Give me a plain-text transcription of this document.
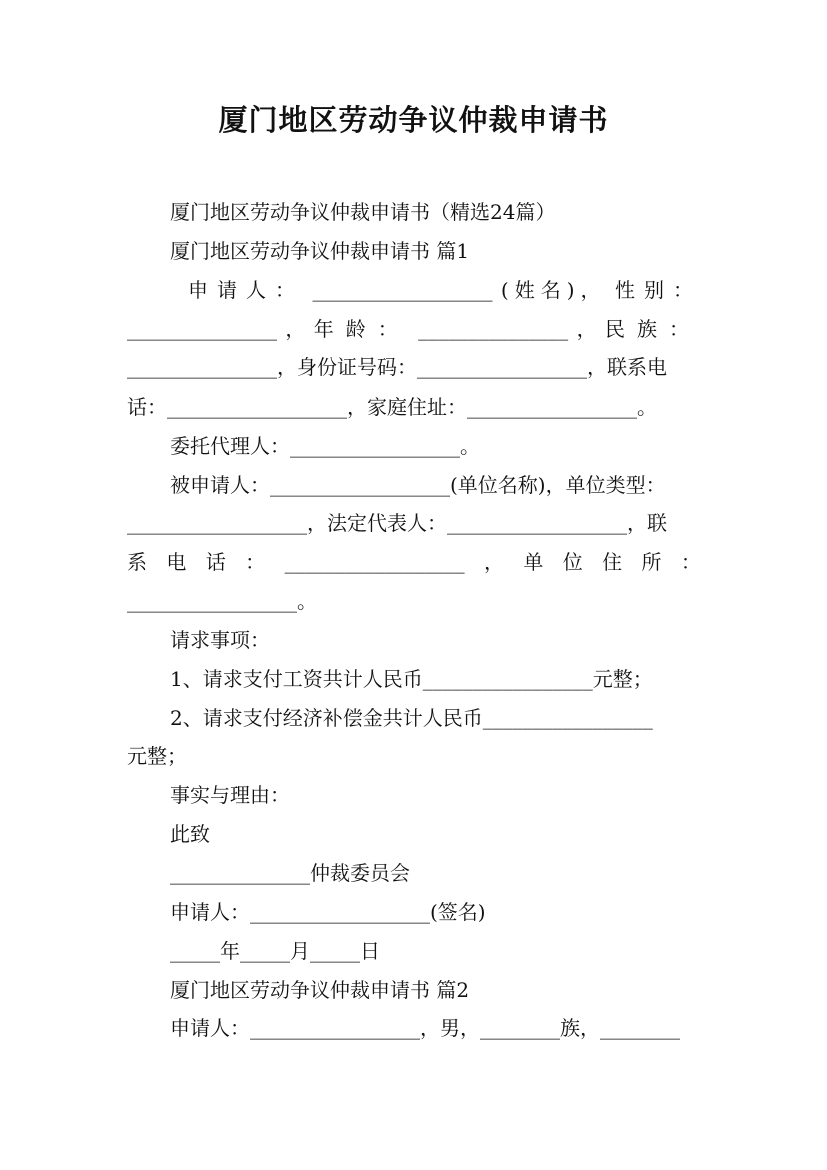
厦门地区劳动争议仲裁申请书
厦门地区劳动争议仲裁申请书（精选24篇）
厦门地区劳动争议仲裁申请书 篇1
申请人： __________________ (姓名)， 性别：
_______________ ， 年龄： _______________ ， 民族：
_______________，身份证号码：_________________，联系电
话：__________________，家庭住址：_________________。
委托代理人：_________________。
被申请人：__________________(单位名称)，单位类型：
__________________，法定代表人：__________________，联
系 电 话 ： __________________ ， 单 位 住 所 ：
_________________。
请求事项：
1、请求支付工资共计人民币_________________元整；
2、请求支付经济补偿金共计人民币_________________
元整；
事实与理由：
此致
______________仲裁委员会
申请人：__________________(签名)
_____年_____月_____日
厦门地区劳动争议仲裁申请书 篇2
申请人：_________________，男，________族，________
